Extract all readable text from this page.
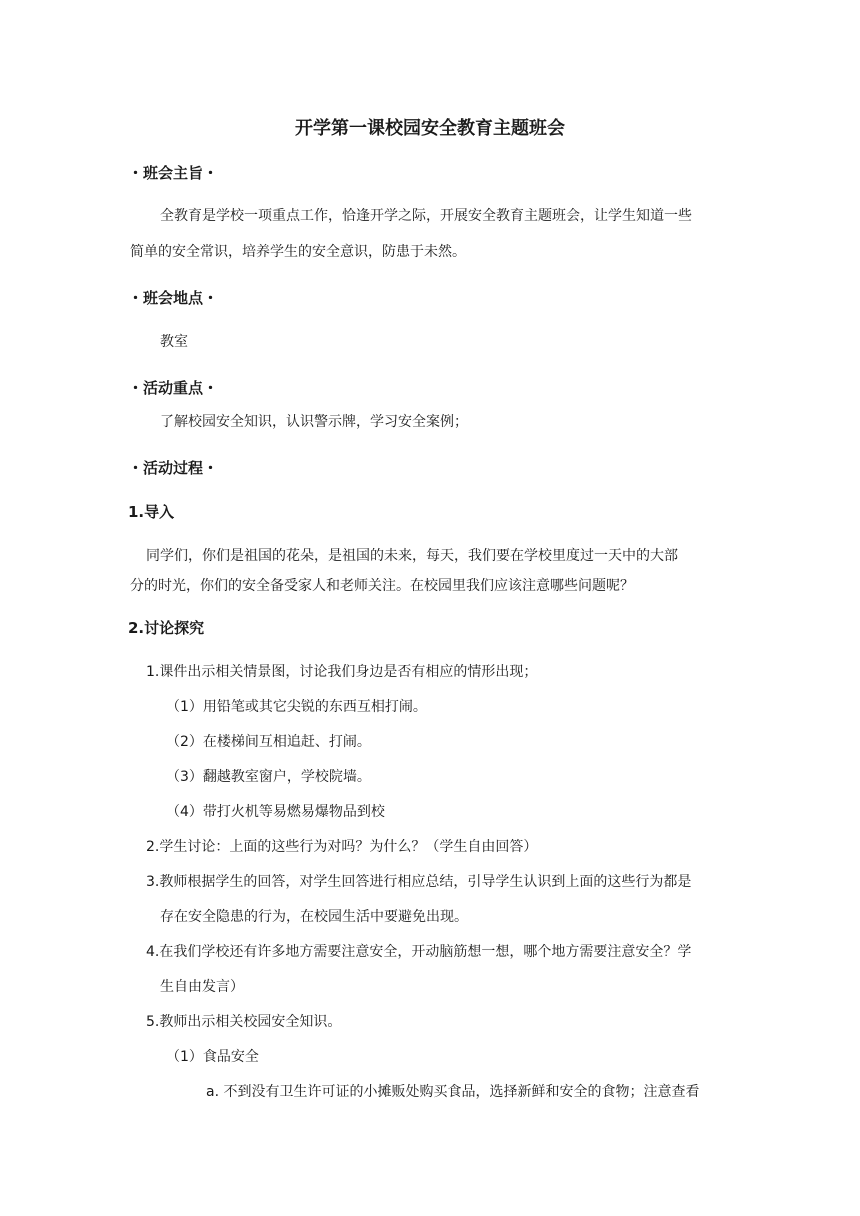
开学第一课校园安全教育主题班会
・班会主旨・
全教育是学校一项重点工作，恰逢开学之际，开展安全教育主题班会，让学生知道一些
简单的安全常识，培养学生的安全意识，防患于未然。
・班会地点・
教室
・活动重点・
了解校园安全知识，认识警示牌，学习安全案例；
・活动过程・
1.导入
同学们，你们是祖国的花朵，是祖国的未来，每天，我们要在学校里度过一天中的大部
分的时光，你们的安全备受家人和老师关注。在校园里我们应该注意哪些问题呢？
2.讨论探究
1.课件出示相关情景图，讨论我们身边是否有相应的情形出现；
（1）用铅笔或其它尖锐的东西互相打闹。
（2）在楼梯间互相追赶、打闹。
（3）翻越教室窗户，学校院墙。
（4）带打火机等易燃易爆物品到校
2.学生讨论：上面的这些行为对吗？为什么？（学生自由回答）
3.教师根据学生的回答，对学生回答进行相应总结，引导学生认识到上面的这些行为都是
存在安全隐患的行为，在校园生活中要避免出现。
4.在我们学校还有许多地方需要注意安全，开动脑筋想一想，哪个地方需要注意安全？学
生自由发言）
5.教师出示相关校园安全知识。
（1）食品安全
a. 不到没有卫生许可证的小摊贩处购买食品，选择新鲜和安全的食物；注意查看
